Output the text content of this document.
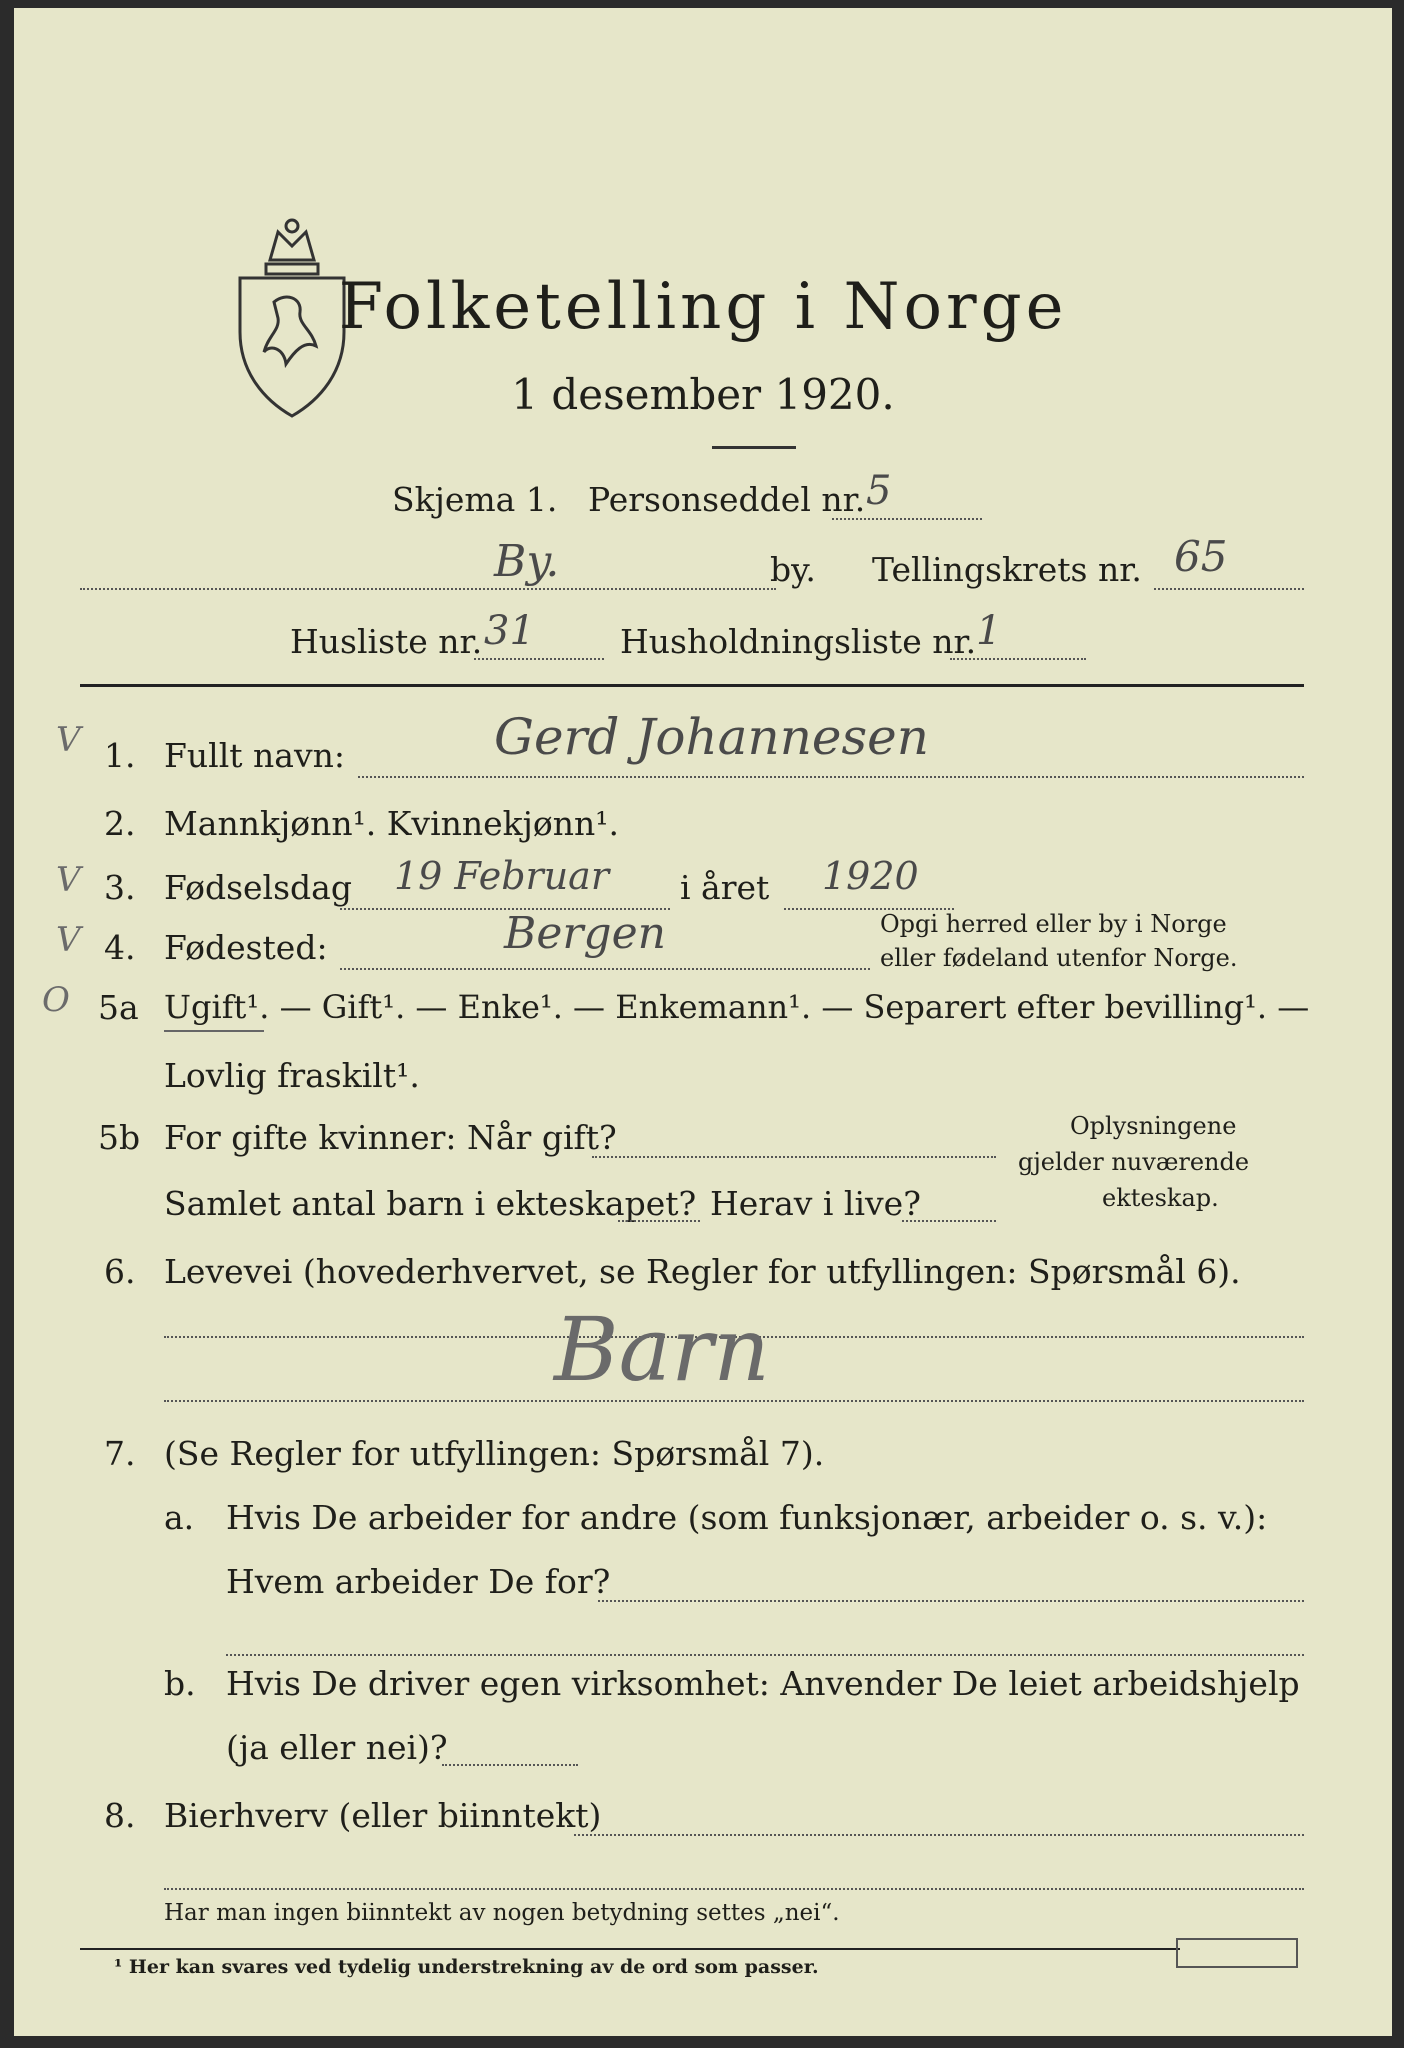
Folketelling i Norge
1 desember 1920.
Skjema 1. Personseddel nr. 5
By.	by. Tellingskrets nr. 65
Husliste nr. 31	Husholdningsliste nr. 1
V 1. Fullt navn:	Gerd Johannesen
2. Mannkjønn¹. Kvinnekjønn¹.
V 3. Fødselsdag 19 Februar i året 1920
V 4. Fødested:	Bergen	Opgi herred eller by i Norge
eller fødeland utenfor Norge.
O 5a Ugift¹. — Gift¹. — Enke¹. — Enkemann¹. — Separert efter bevilling¹. —
Lovlig fraskilt¹.
5b For gifte kvinner: Når gift?
Samlet antal barn i ekteskapet? Herav i live?
Oplysningene
gjelder nuværende
ekteskap.
6. Levevei (hovederhvervet, se Regler for utfyllingen: Spørsmål 6).
Barn
7. (Se Regler for utfyllingen: Spørsmål 7).
a. Hvis De arbeider for andre (som funksjonær, arbeider o. s. v.):
Hvem arbeider De for?
b. Hvis De driver egen virksomhet: Anvender De leiet arbeidshjelp
(ja eller nei)?
8. Bierhverv (eller biinntekt)
Har man ingen biinntekt av nogen betydning settes „nei“.
¹ Her kan svares ved tydelig understrekning av de ord som passer.
